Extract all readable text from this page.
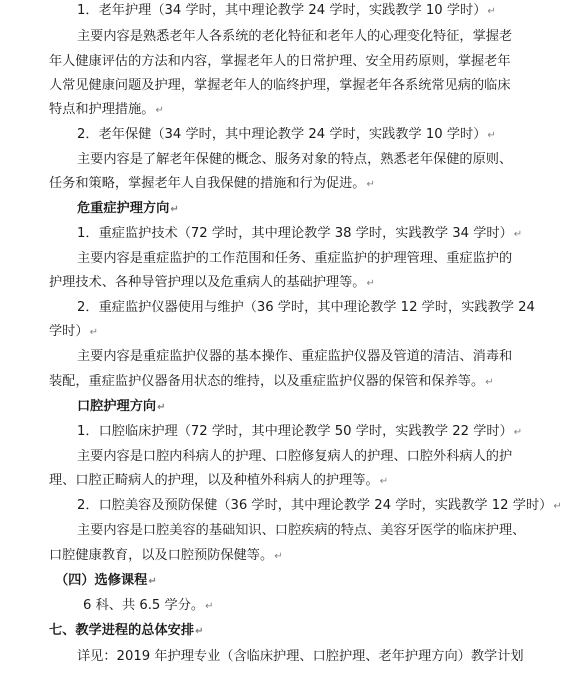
1．老年护理（34 学时，其中理论教学 24 学时，实践教学 10 学时）↵
主要内容是熟悉老年人各系统的老化特征和老年人的心理变化特征，掌握老
年人健康评估的方法和内容，掌握老年人的日常护理、安全用药原则，掌握老年
人常见健康问题及护理，掌握老年人的临终护理，掌握老年各系统常见病的临床
特点和护理措施。↵
2．老年保健（34 学时，其中理论教学 24 学时，实践教学 10 学时）↵
主要内容是了解老年保健的概念、服务对象的特点，熟悉老年保健的原则、
任务和策略，掌握老年人自我保健的措施和行为促进。↵
危重症护理方向↵
1．重症监护技术（72 学时，其中理论教学 38 学时，实践教学 34 学时）↵
主要内容是重症监护的工作范围和任务、重症监护的护理管理、重症监护的
护理技术、各种导管护理以及危重病人的基础护理等。↵
2．重症监护仪器使用与维护（36 学时，其中理论教学 12 学时，实践教学 24
学时）↵
主要内容是重症监护仪器的基本操作、重症监护仪器及管道的清洁、消毒和
装配，重症监护仪器备用状态的维持，以及重症监护仪器的保管和保养等。↵
口腔护理方向↵
1．口腔临床护理（72 学时，其中理论教学 50 学时，实践教学 22 学时）↵
主要内容是口腔内科病人的护理、口腔修复病人的护理、口腔外科病人的护
理、口腔正畸病人的护理，以及种植外科病人的护理等。↵
2．口腔美容及预防保健（36 学时，其中理论教学 24 学时，实践教学 12 学时）↵
主要内容是口腔美容的基础知识、口腔疾病的特点、美容牙医学的临床护理、
口腔健康教育，以及口腔预防保健等。↵
（四）选修课程↵
6 科、共 6.5 学分。↵
七、教学进程的总体安排↵
详见：2019 年护理专业（含临床护理、口腔护理、老年护理方向）教学计划
